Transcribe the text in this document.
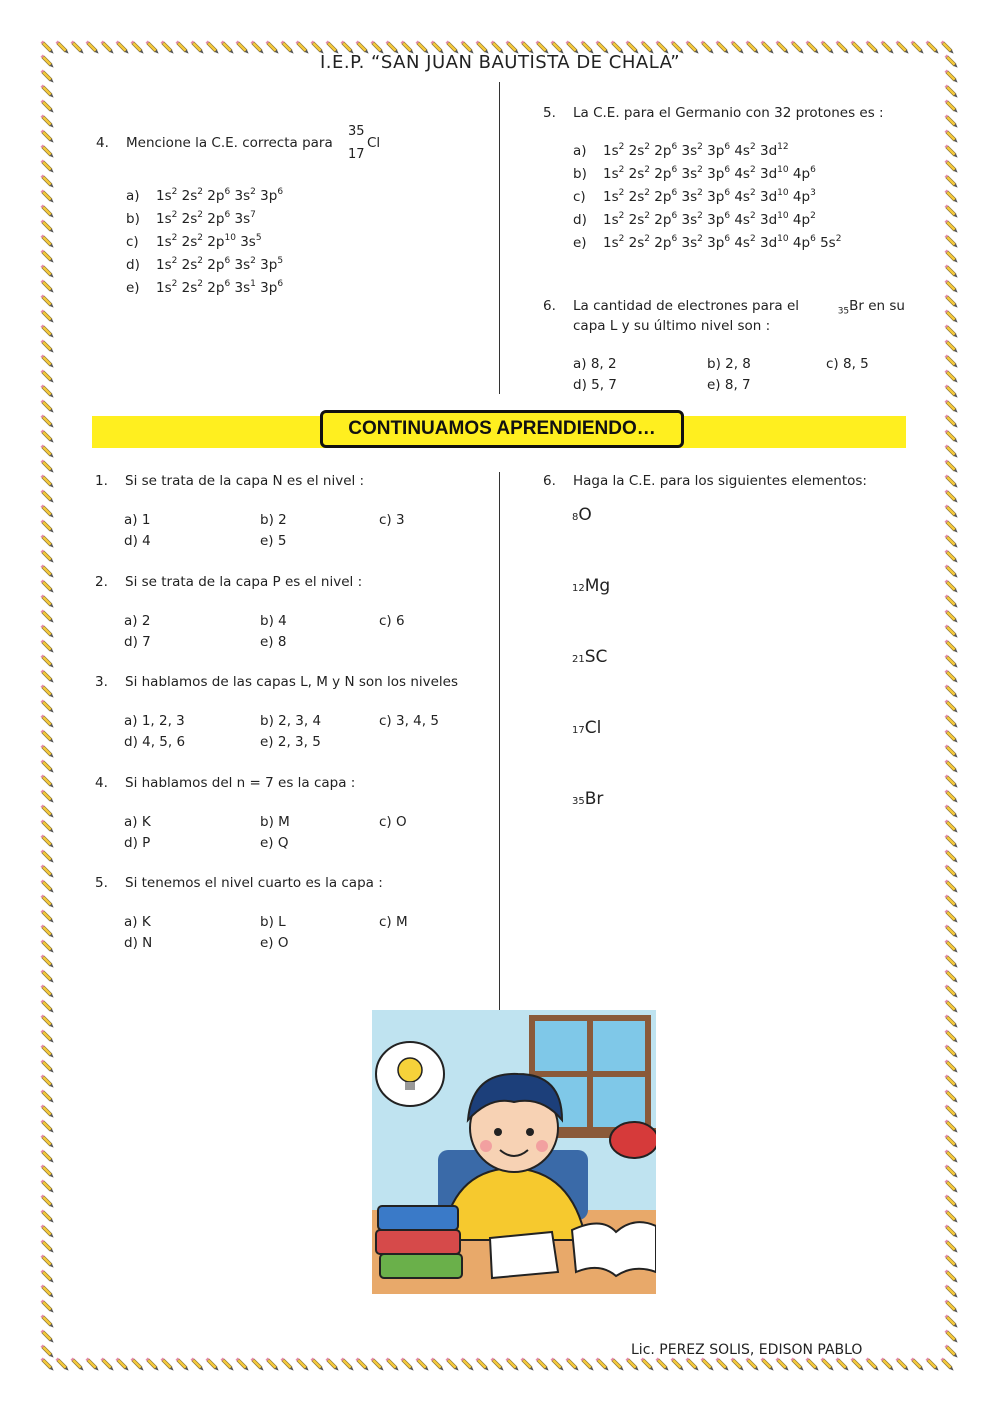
I.E.P. “SAN JUAN BAUTISTA DE CHALA”
4. Mencione la C.E. correcta para
35
17
Cl
a) $1s^2$ $2s^2$ $2p^6$ $3s^2$ $3p^6$
b) $1s^2$ $2s^2$ $2p^6$ $3s^7$
c) $1s^2$ $2s^2$ $2p^{10}$ $3s^5$
d) $1s^2$ $2s^2$ $2p^6$ $3s^2$ $3p^5$
e) $1s^2$ $2s^2$ $2p^6$ $3s^1$ $3p^6$
5. La C.E. para el Germanio con 32 protones es :
a) $1s^2$ $2s^2$ $2p^6$ $3s^2$ $3p^6$ $4s^2$ $3d^{12}$
b) $1s^2$ $2s^2$ $2p^6$ $3s^2$ $3p^6$ $4s^2$ $3d^{10}$ $4p^6$
c) $1s^2$ $2s^2$ $2p^6$ $3s^2$ $3p^6$ $4s^2$ $3d^{10}$ $4p^3$
d) $1s^2$ $2s^2$ $2p^6$ $3s^2$ $3p^6$ $4s^2$ $3d^{10}$ $4p^2$
e) $1s^2$ $2s^2$ $2p^6$ $3s^2$ $3p^6$ $4s^2$ $3d^{10}$ $4p^6$ $5s^2$
6. La cantidad de electrones para el	$_{35}$Br en su
capa L y su último nivel son :
a) 8, 2	b) 2, 8	c) 8, 5
d) 5, 7	e) 8, 7
CONTINUAMOS APRENDIENDO…
1. Si se trata de la capa N es el nivel :
a) 1	b) 2	c) 3
d) 4	e) 5
2. Si se trata de la capa P es el nivel :
a) 2	b) 4	c) 6
d) 7	e) 8
3. Si hablamos de las capas L, M y N son los niveles
a) 1, 2, 3	b) 2, 3, 4	c) 3, 4, 5
d) 4, 5, 6	e) 2, 3, 5
4. Si hablamos del n = 7 es la capa :
a) K	b) M	c) O
d) P	e) Q
5. Si tenemos el nivel cuarto es la capa :
a) K	b) L	c) M
d) N	e) O
6. Haga la C.E. para los siguientes elementos:
8O
12Mg
21SC
17Cl
35Br
Lic. PEREZ SOLIS, EDISON PABLO
